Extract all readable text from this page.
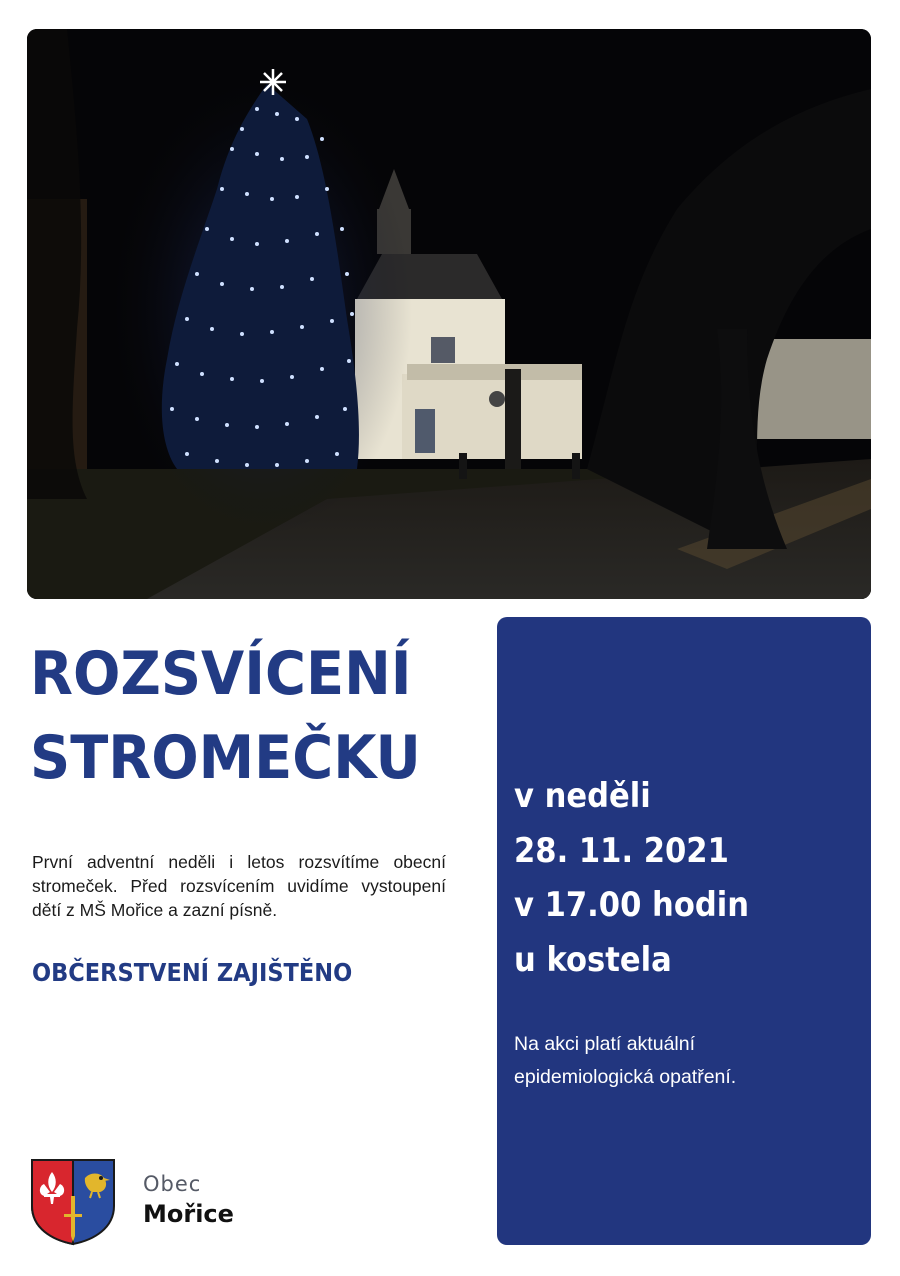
ROZSVÍCENÍ
STROMEČKU

První adventní neděli i letos rozsvítíme obecní stromeček. Před rozsvícením uvidíme vystoupení dětí z MŠ Mořice a zazní písně.

OBČERSTVENÍ ZAJIŠTĚNO

v neděli
28. 11. 2021
v 17.00 hodin
u kostela

Na akci platí aktuální epidemiologická opatření.

Obec
Mořice
